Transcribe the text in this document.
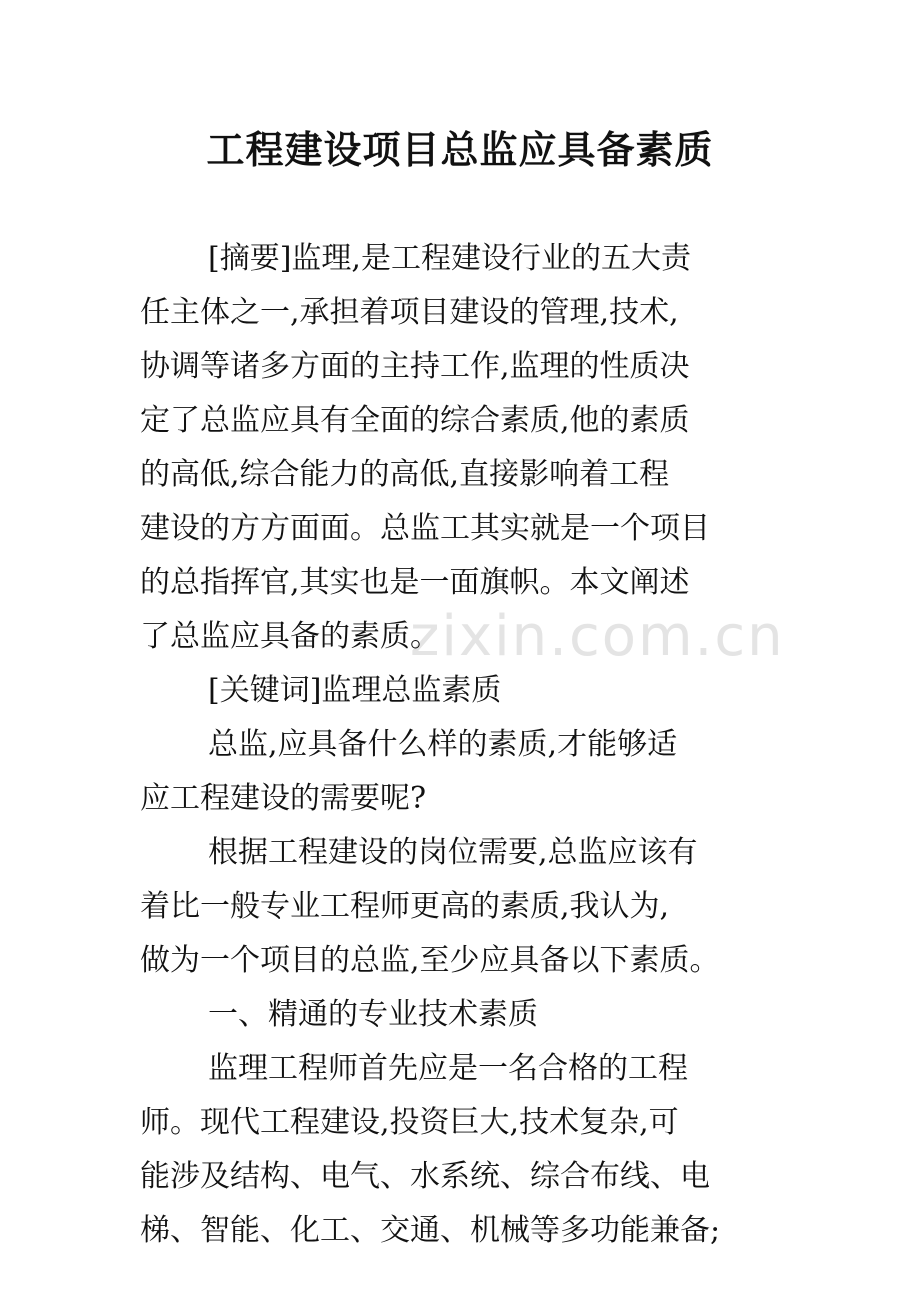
zixin.com.cn
工程建设项目总监应具备素质
[摘要]监理,是工程建设行业的五大责
任主体之一,承担着项目建设的管理,技术,
协调等诸多方面的主持工作,监理的性质决
定了总监应具有全面的综合素质,他的素质
的高低,综合能力的高低,直接影响着工程
建设的方方面面。总监工其实就是一个项目
的总指挥官,其实也是一面旗帜。本文阐述
了总监应具备的素质。
[关键词]监理总监素质
总监,应具备什么样的素质,才能够适
应工程建设的需要呢?
根据工程建设的岗位需要,总监应该有
着比一般专业工程师更高的素质,我认为,
做为一个项目的总监,至少应具备以下素质。
一、精通的专业技术素质
监理工程师首先应是一名合格的工程
师。现代工程建设,投资巨大,技术复杂,可
能涉及结构、电气、水系统、综合布线、电
梯、智能、化工、交通、机械等多功能兼备;
